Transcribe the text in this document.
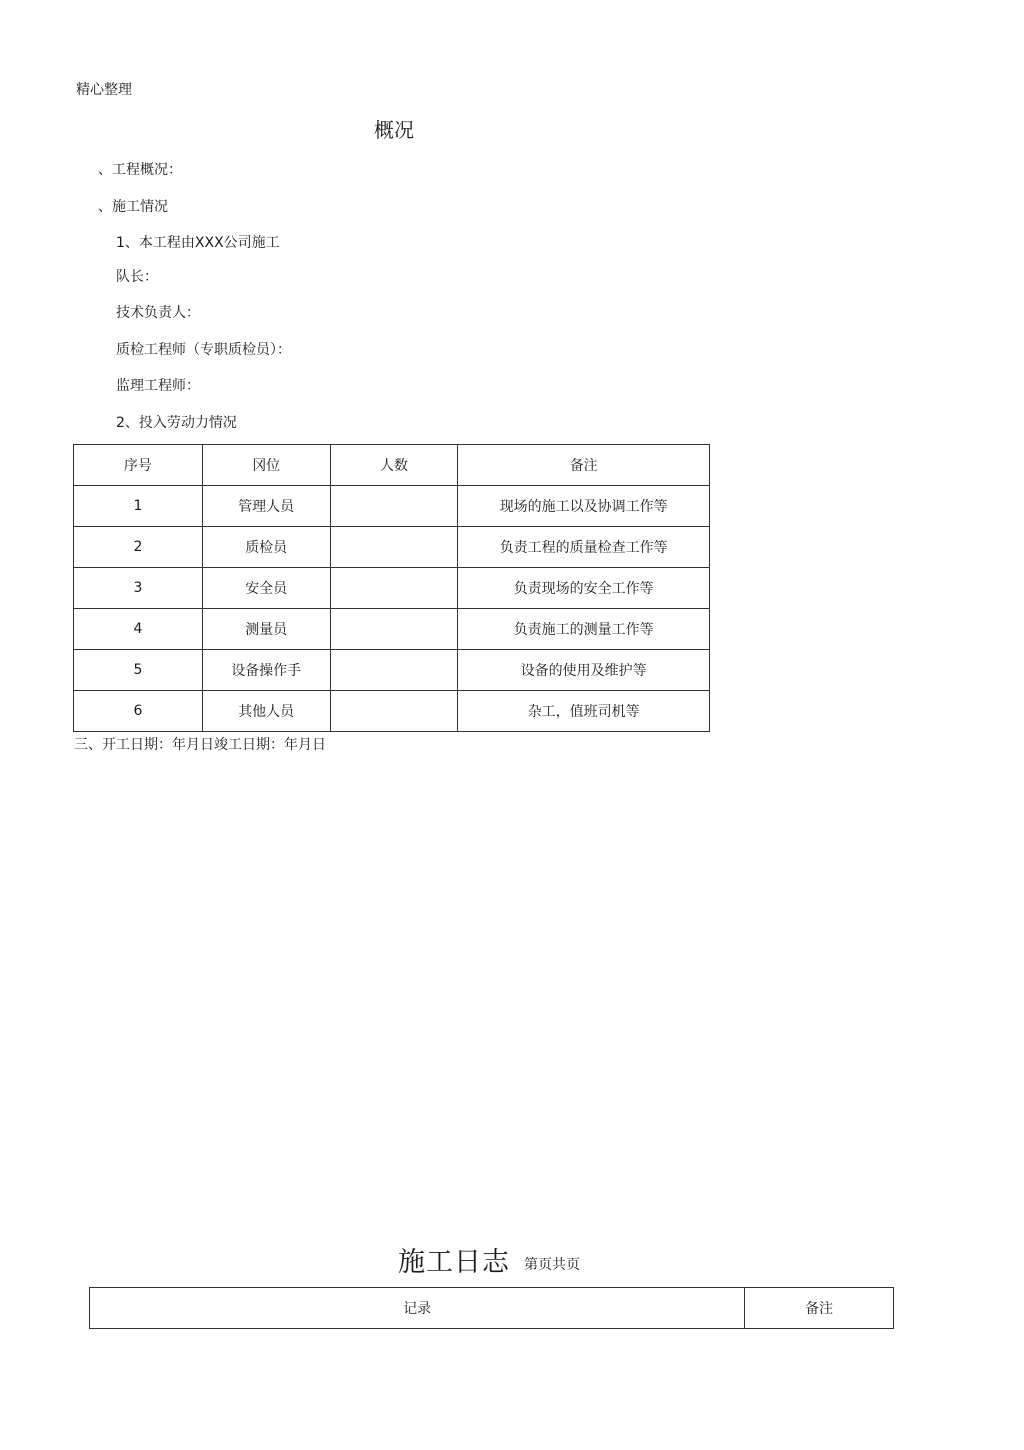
精心整理
概况
、工程概况：
、施工情况
1、本工程由XXX公司施工
队长：
技术负责人：
质检工程师（专职质检员）：
监理工程师：
2、投入劳动力情况
序号	冈位	人数	备注
1	管理人员		现场的施工以及协调工作等
2	质检员		负责工程的质量检查工作等
3	安全员		负责现场的安全工作等
4	测量员		负责施工的测量工作等
5	设备操作手		设备的使用及维护等
6	其他人员		杂工，值班司机等
三、开工日期：年月日竣工日期：年月日
施工日志 第页共页
记录	备注
